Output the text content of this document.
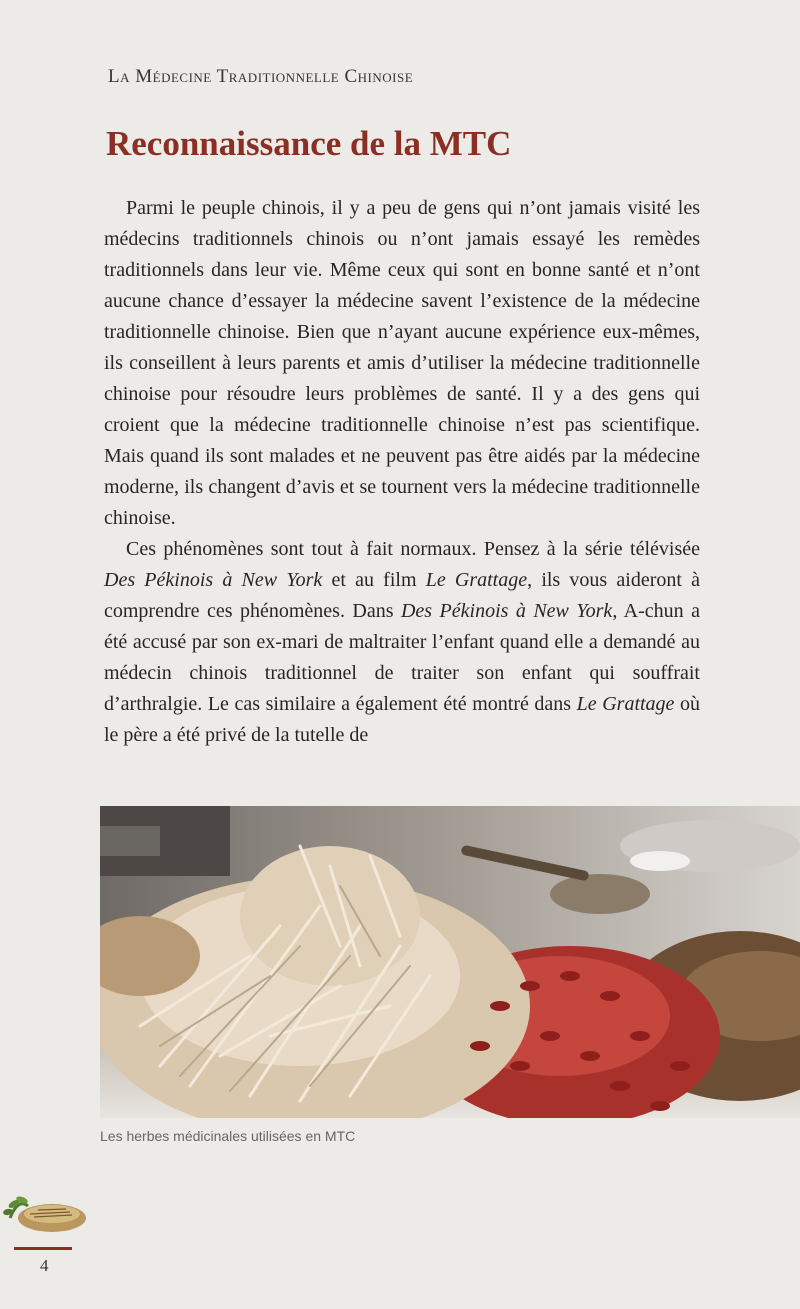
La Médecine Traditionnelle Chinoise
Reconnaissance de la MTC

Parmi le peuple chinois, il y a peu de gens qui n’ont jamais visité les médecins traditionnels chinois ou n’ont jamais essayé les remèdes traditionnels dans leur vie. Même ceux qui sont en bonne santé et n’ont aucune chance d’essayer la médecine savent l’existence de la médecine traditionnelle chinoise. Bien que n’ayant aucune expérience eux-mêmes, ils conseillent à leurs parents et amis d’utiliser la médecine traditionnelle chinoise pour résoudre leurs problèmes de santé. Il y a des gens qui croient que la médecine traditionnelle chinoise n’est pas scientifique. Mais quand ils sont malades et ne peuvent pas être aidés par la médecine moderne, ils changent d’avis et se tournent vers la médecine traditionnelle chinoise.

Ces phénomènes sont tout à fait normaux. Pensez à la série télévisée Des Pékinois à New York et au film Le Grattage, ils vous aideront à comprendre ces phénomènes. Dans Des Pékinois à New York, A-chun a été accusé par son ex-mari de maltraiter l’enfant quand elle a demandé au médecin chinois traditionnel de traiter son enfant qui souffrait d’arthralgie. Le cas similaire a également été montré dans Le Grattage où le père a été privé de la tutelle de

Les herbes médicinales utilisées en MTC
4
